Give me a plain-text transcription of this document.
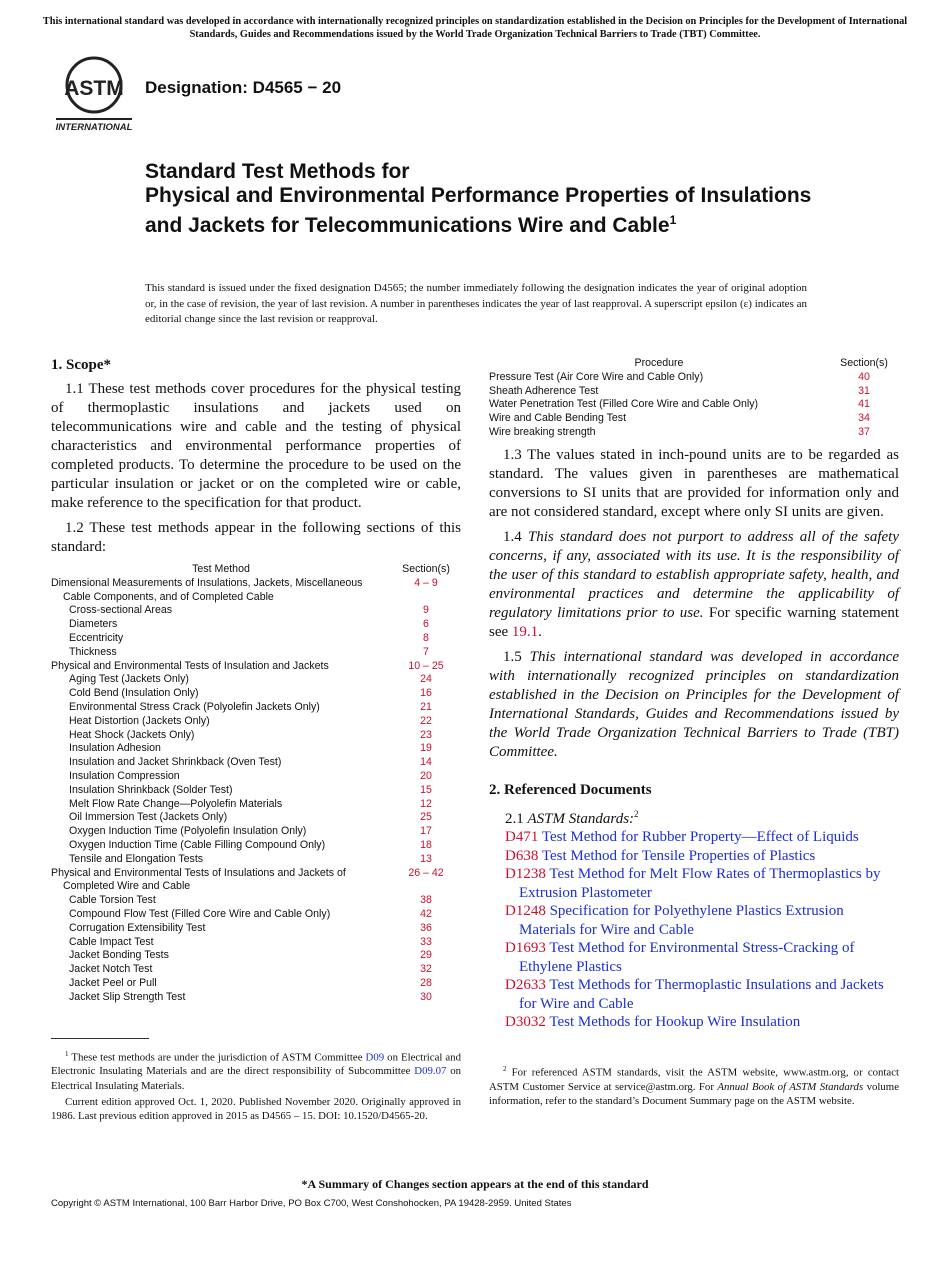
This international standard was developed in accordance with internationally recognized principles on standardization established in the Decision on Principles for the Development of International Standards, Guides and Recommendations issued by the World Trade Organization Technical Barriers to Trade (TBT) Committee.
ASTM
INTERNATIONAL
Designation: D4565 − 20
Standard Test Methods for
Physical and Environmental Performance Properties of Insulations and Jackets for Telecommunications Wire and Cable$^1$
This standard is issued under the fixed designation D4565; the number immediately following the designation indicates the year of original adoption or, in the case of revision, the year of last revision. A number in parentheses indicates the year of last reapproval. A superscript epsilon (ε) indicates an editorial change since the last revision or reapproval.
1. Scope*

1.1 These test methods cover procedures for the physical testing of thermoplastic insulations and jackets used on telecommunications wire and cable and the testing of physical characteristics and environmental performance properties of completed products. To determine the procedure to be used on the particular insulation or jacket or on the completed wire or cable, make reference to the specification for that product.

1.2 These test methods appear in the following sections of this standard:

Test Method	Section(s)
Dimensional Measurements of Insulations, Jackets, Miscellaneous	4 – 9
Cable Components, and of Completed Cable	
Cross-sectional Areas	9
Diameters	6
Eccentricity	8
Thickness	7
Physical and Environmental Tests of Insulation and Jackets	10 – 25
Aging Test (Jackets Only)	24
Cold Bend (Insulation Only)	16
Environmental Stress Crack (Polyolefin Jackets Only)	21
Heat Distortion (Jackets Only)	22
Heat Shock (Jackets Only)	23
Insulation Adhesion	19
Insulation and Jacket Shrinkback (Oven Test)	14
Insulation Compression	20
Insulation Shrinkback (Solder Test)	15
Melt Flow Rate Change—Polyolefin Materials	12
Oil Immersion Test (Jackets Only)	25
Oxygen Induction Time (Polyolefin Insulation Only)	17
Oxygen Induction Time (Cable Filling Compound Only)	18
Tensile and Elongation Tests	13
Physical and Environmental Tests of Insulations and Jackets of	26 – 42
Completed Wire and Cable	
Cable Torsion Test	38
Compound Flow Test (Filled Core Wire and Cable Only)	42
Corrugation Extensibility Test	36
Cable Impact Test	33
Jacket Bonding Tests	29
Jacket Notch Test	32
Jacket Peel or Pull	28
Jacket Slip Strength Test	30

$^1$ These test methods are under the jurisdiction of ASTM Committee D09 on Electrical and Electronic Insulating Materials and are the direct responsibility of Subcommittee D09.07 on Electrical Insulating Materials.

Current edition approved Oct. 1, 2020. Published November 2020. Originally approved in 1986. Last previous edition approved in 2015 as D4565 – 15. DOI: 10.1520/D4565-20.

Procedure	Section(s)
Pressure Test (Air Core Wire and Cable Only)	40
Sheath Adherence Test	31
Water Penetration Test (Filled Core Wire and Cable Only)	41
Wire and Cable Bending Test	34
Wire breaking strength	37

1.3 The values stated in inch-pound units are to be regarded as standard. The values given in parentheses are mathematical conversions to SI units that are provided for information only and are not considered standard, except where only SI units are given.

1.4 This standard does not purport to address all of the safety concerns, if any, associated with its use. It is the responsibility of the user of this standard to establish appropriate safety, health, and environmental practices and determine the applicability of regulatory limitations prior to use. For specific warning statement see 19.1.

1.5 This international standard was developed in accordance with internationally recognized principles on standardization established in the Decision on Principles for the Development of International Standards, Guides and Recommendations issued by the World Trade Organization Technical Barriers to Trade (TBT) Committee.

2. Referenced Documents
2.1 ASTM Standards:$^2$
D471 Test Method for Rubber Property—Effect of Liquids
D638 Test Method for Tensile Properties of Plastics
D1238 Test Method for Melt Flow Rates of Thermoplastics by Extrusion Plastometer
D1248 Specification for Polyethylene Plastics Extrusion Materials for Wire and Cable
D1693 Test Method for Environmental Stress-Cracking of Ethylene Plastics
D2633 Test Methods for Thermoplastic Insulations and Jackets for Wire and Cable
D3032 Test Methods for Hookup Wire Insulation

$^2$ For referenced ASTM standards, visit the ASTM website, www.astm.org, or contact ASTM Customer Service at service@astm.org. For Annual Book of ASTM Standards volume information, refer to the standard’s Document Summary page on the ASTM website.

*A Summary of Changes section appears at the end of this standard
Copyright © ASTM International, 100 Barr Harbor Drive, PO Box C700, West Conshohocken, PA 19428-2959. United States
